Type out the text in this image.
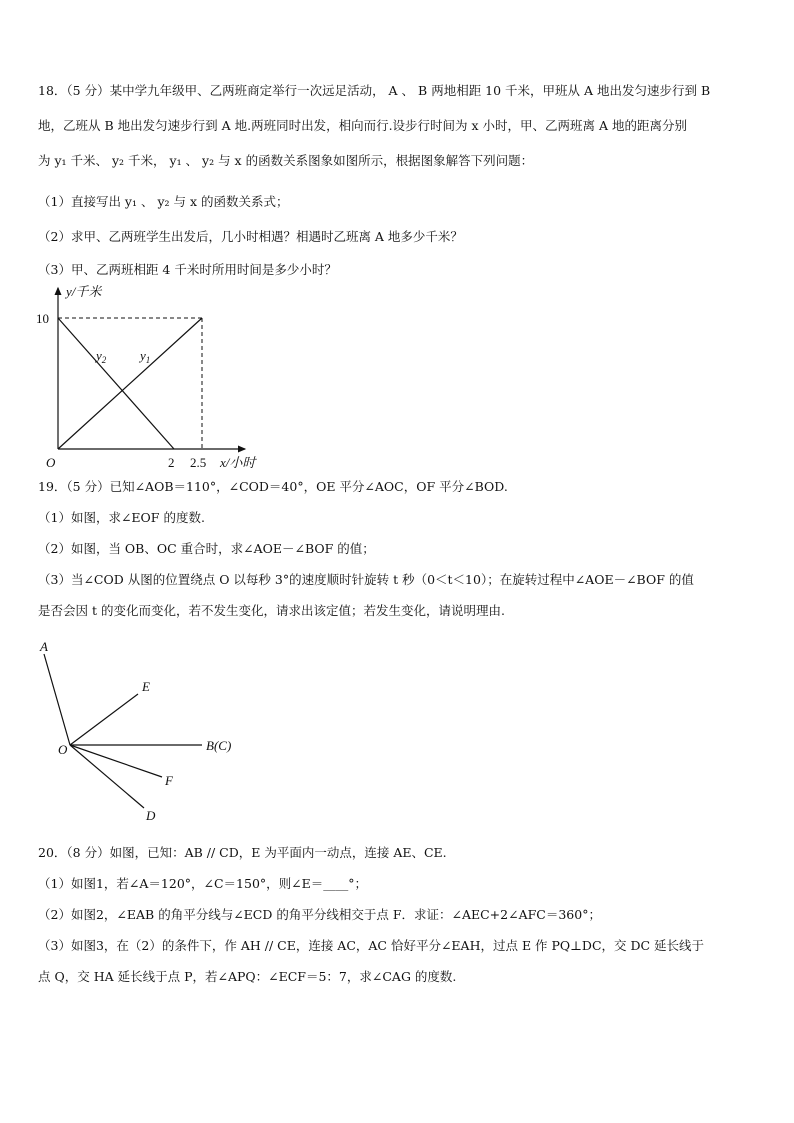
18．（5 分）某中学九年级甲、乙两班商定举行一次远足活动， A 、 B 两地相距 10 千米，甲班从 A 地出发匀速步行到 B
地，乙班从 B 地出发匀速步行到 A 地.两班同时出发，相向而行.设步行时间为 x 小时，甲、乙两班离 A 地的距离分别
为 y₁ 千米、 y₂ 千米， y₁ 、 y₂ 与 x 的函数关系图象如图所示，根据图象解答下列问题：
（1）直接写出 y₁ 、 y₂ 与 x 的函数关系式；
（2）求甲、乙两班学生出发后，几小时相遇？相遇时乙班离 A 地多少千米？
（3）甲、乙两班相距 4 千米时所用时间是多少小时？
y/千米
10
O	2 2.5 x/小时
$y_2$	$y_1$
19．（5 分）已知∠AOB＝110°，∠COD＝40°，OE 平分∠AOC，OF 平分∠BOD.
（1）如图，求∠EOF 的度数.
（2）如图，当 OB、OC 重合时，求∠AOE－∠BOF 的值；
（3）当∠COD 从图的位置绕点 O 以每秒 3°的速度顺时针旋转 t 秒（0＜t＜10）；在旋转过程中∠AOE－∠BOF 的值
是否会因 t 的变化而变化，若不发生变化，请求出该定值；若发生变化，请说明理由.
A
E
O	B(C)
F
D
20．（8 分）如图，已知：AB // CD，E 为平面内一动点，连接 AE、CE.
（1）如图1，若∠A＝120°，∠C＝150°，则∠E＝____°；
（2）如图2，∠EAB 的角平分线与∠ECD 的角平分线相交于点 F．求证：∠AEC+2∠AFC＝360°；
（3）如图3，在（2）的条件下，作 AH // CE，连接 AC，AC 恰好平分∠EAH，过点 E 作 PQ⊥DC，交 DC 延长线于
点 Q，交 HA 延长线于点 P，若∠APQ：∠ECF＝5：7，求∠CAG 的度数.
